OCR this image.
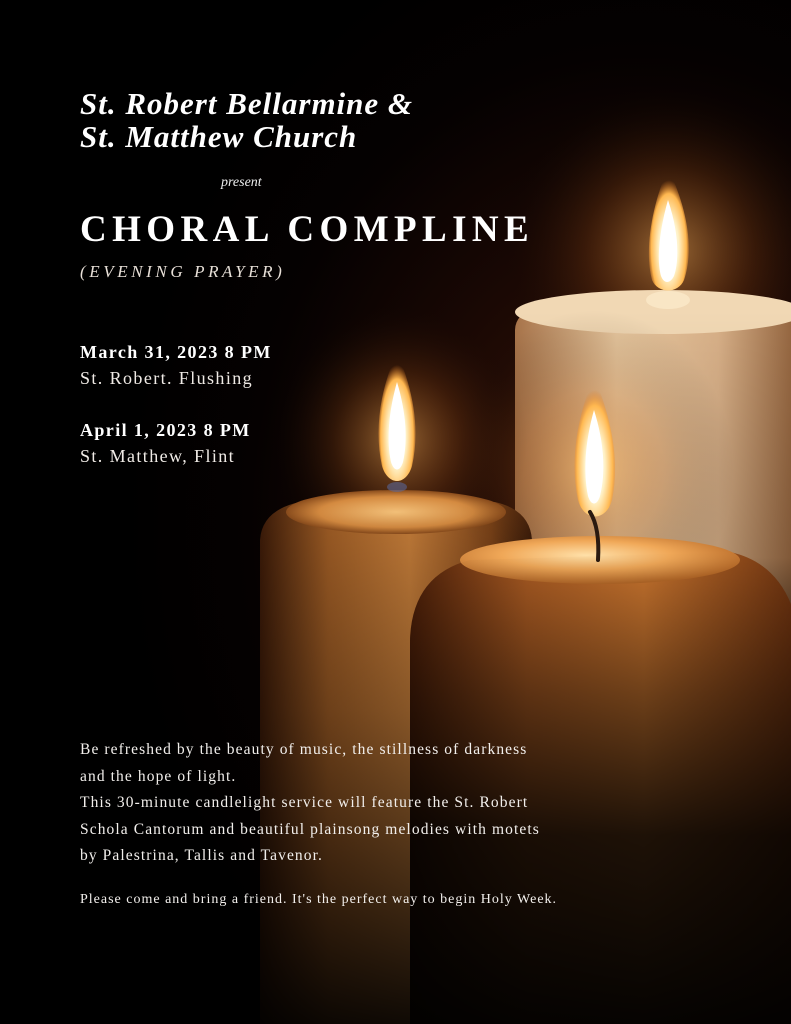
St. Robert Bellarmine &
St. Matthew Church

present

CHORAL COMPLINE

(EVENING PRAYER)

March 31, 2023 8 PM

St. Robert. Flushing

April 1, 2023 8 PM

St. Matthew, Flint

Be refreshed by the beauty of music, the stillness of darkness

and the hope of light.

This 30-minute candlelight service will feature the St. Robert

Schola Cantorum and beautiful plainsong melodies with motets

by Palestrina, Tallis and Tavenor.

Please come and bring a friend. It's the perfect way to begin Holy Week.
